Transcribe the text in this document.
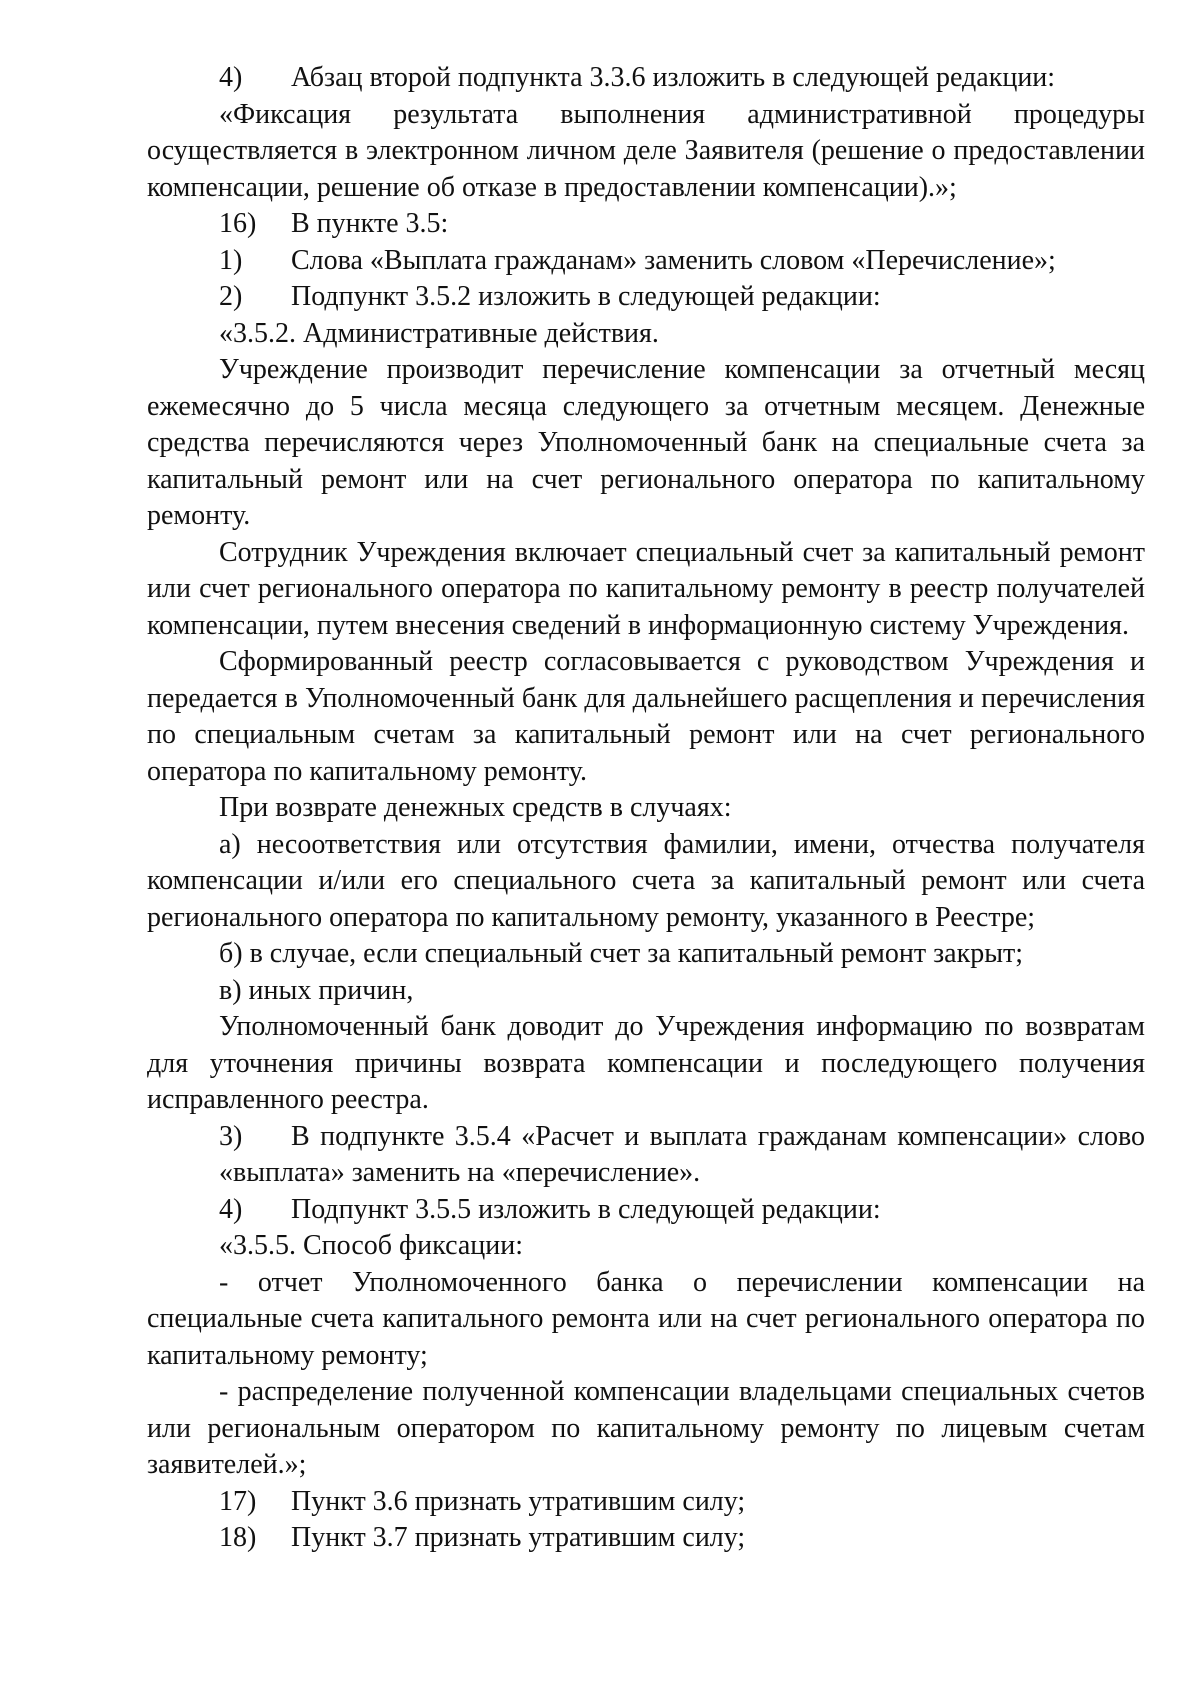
4) Абзац второй подпункта 3.3.6 изложить в следующей редакции:

«Фиксация результата выполнения административной процедуры осуществляется в электронном личном деле Заявителя (решение о предоставлении компенсации, решение об отказе в предоставлении компенсации).»;

16) В пункте 3.5:

1) Слова «Выплата гражданам» заменить словом «Перечисление»;

2) Подпункт 3.5.2 изложить в следующей редакции:

«3.5.2. Административные действия.

Учреждение производит перечисление компенсации за отчетный месяц ежемесячно до 5 числа месяца следующего за отчетным месяцем. Денежные средства перечисляются через Уполномоченный банк на специальные счета за капитальный ремонт или на счет регионального оператора по капитальному ремонту.

Сотрудник Учреждения включает специальный счет за капитальный ремонт или счет регионального оператора по капитальному ремонту в реестр получателей компенсации, путем внесения сведений в информационную систему Учреждения.

Сформированный реестр согласовывается с руководством Учреждения и передается в Уполномоченный банк для дальнейшего расщепления и перечисления по специальным счетам за капитальный ремонт или на счет регионального оператора по капитальному ремонту.

При возврате денежных средств в случаях:

а) несоответствия или отсутствия фамилии, имени, отчества получателя компенсации и/или его специального счета за капитальный ремонт или счета регионального оператора по капитальному ремонту, указанного в Реестре;

б) в случае, если специальный счет за капитальный ремонт закрыт;

в) иных причин,

Уполномоченный банк доводит до Учреждения информацию по возвратам для уточнения причины возврата компенсации и последующего получения исправленного реестра.

3) В подпункте 3.5.4 «Расчет и выплата гражданам компенсации» слово «выплата» заменить на «перечисление».

4) Подпункт 3.5.5 изложить в следующей редакции:

«3.5.5. Способ фиксации:

- отчет Уполномоченного банка о перечислении компенсации на специальные счета капитального ремонта или на счет регионального оператора по капитальному ремонту;

- распределение полученной компенсации владельцами специальных счетов или региональным оператором по капитальному ремонту по лицевым счетам заявителей.»;

17) Пункт 3.6 признать утратившим силу;

18) Пункт 3.7 признать утратившим силу;
